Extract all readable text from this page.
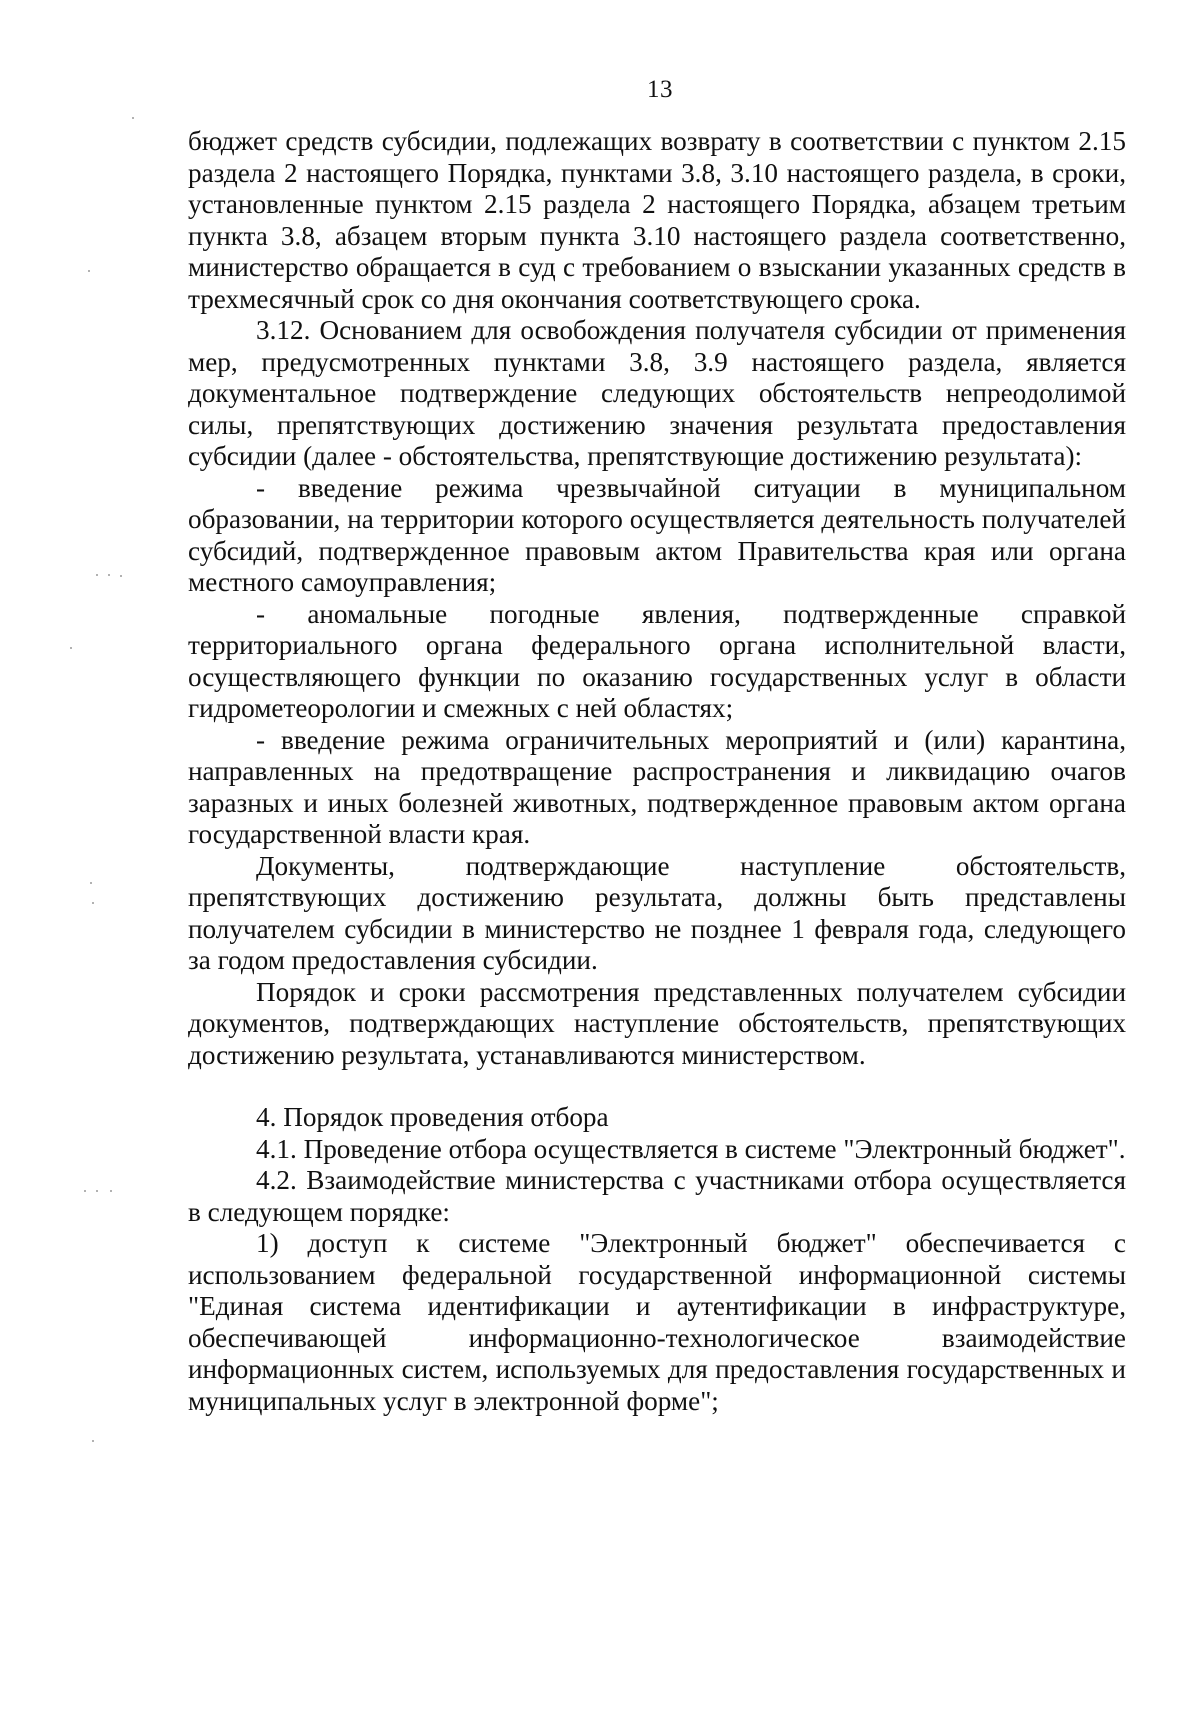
13

бюджет средств субсидии, подлежащих возврату в соответствии с пунктом 2.15 раздела 2 настоящего Порядка, пунктами 3.8, 3.10 настоящего раздела, в сроки, установленные пунктом 2.15 раздела 2 настоящего Порядка, абзацем третьим пункта 3.8, абзацем вторым пункта 3.10 настоящего раздела соответственно, министерство обращается в суд с требованием о взыскании указанных средств в трехмесячный срок со дня окончания соответствующего срока.

3.12. Основанием для освобождения получателя субсидии от применения мер, предусмотренных пунктами 3.8, 3.9 настоящего раздела, является документальное подтверждение следующих обстоятельств непреодолимой силы, препятствующих достижению значения результата предоставления субсидии (далее - обстоятельства, препятствующие достижению результата):

- введение режима чрезвычайной ситуации в муниципальном образовании, на территории которого осуществляется деятельность получателей субсидий, подтвержденное правовым актом Правительства края или органа местного самоуправления;

- аномальные погодные явления, подтвержденные справкой территориального органа федерального органа исполнительной власти, осуществляющего функции по оказанию государственных услуг в области гидрометеорологии и смежных с ней областях;

- введение режима ограничительных мероприятий и (или) карантина, направленных на предотвращение распространения и ликвидацию очагов заразных и иных болезней животных, подтвержденное правовым актом органа государственной власти края.

Документы, подтверждающие наступление обстоятельств, препятствующих достижению результата, должны быть представлены получателем субсидии в министерство не позднее 1 февраля года, следующего за годом предоставления субсидии.

Порядок и сроки рассмотрения представленных получателем субсидии документов, подтверждающих наступление обстоятельств, препятствующих достижению результата, устанавливаются министерством.

4. Порядок проведения отбора

4.1. Проведение отбора осуществляется в системе "Электронный бюджет".

4.2. Взаимодействие министерства с участниками отбора осуществляется в следующем порядке:

1) доступ к системе "Электронный бюджет" обеспечивается с использованием федеральной государственной информационной системы "Единая система идентификации и аутентификации в инфраструктуре, обеспечивающей информационно-технологическое взаимодействие информационных систем, используемых для предоставления государственных и муниципальных услуг в электронной форме";
